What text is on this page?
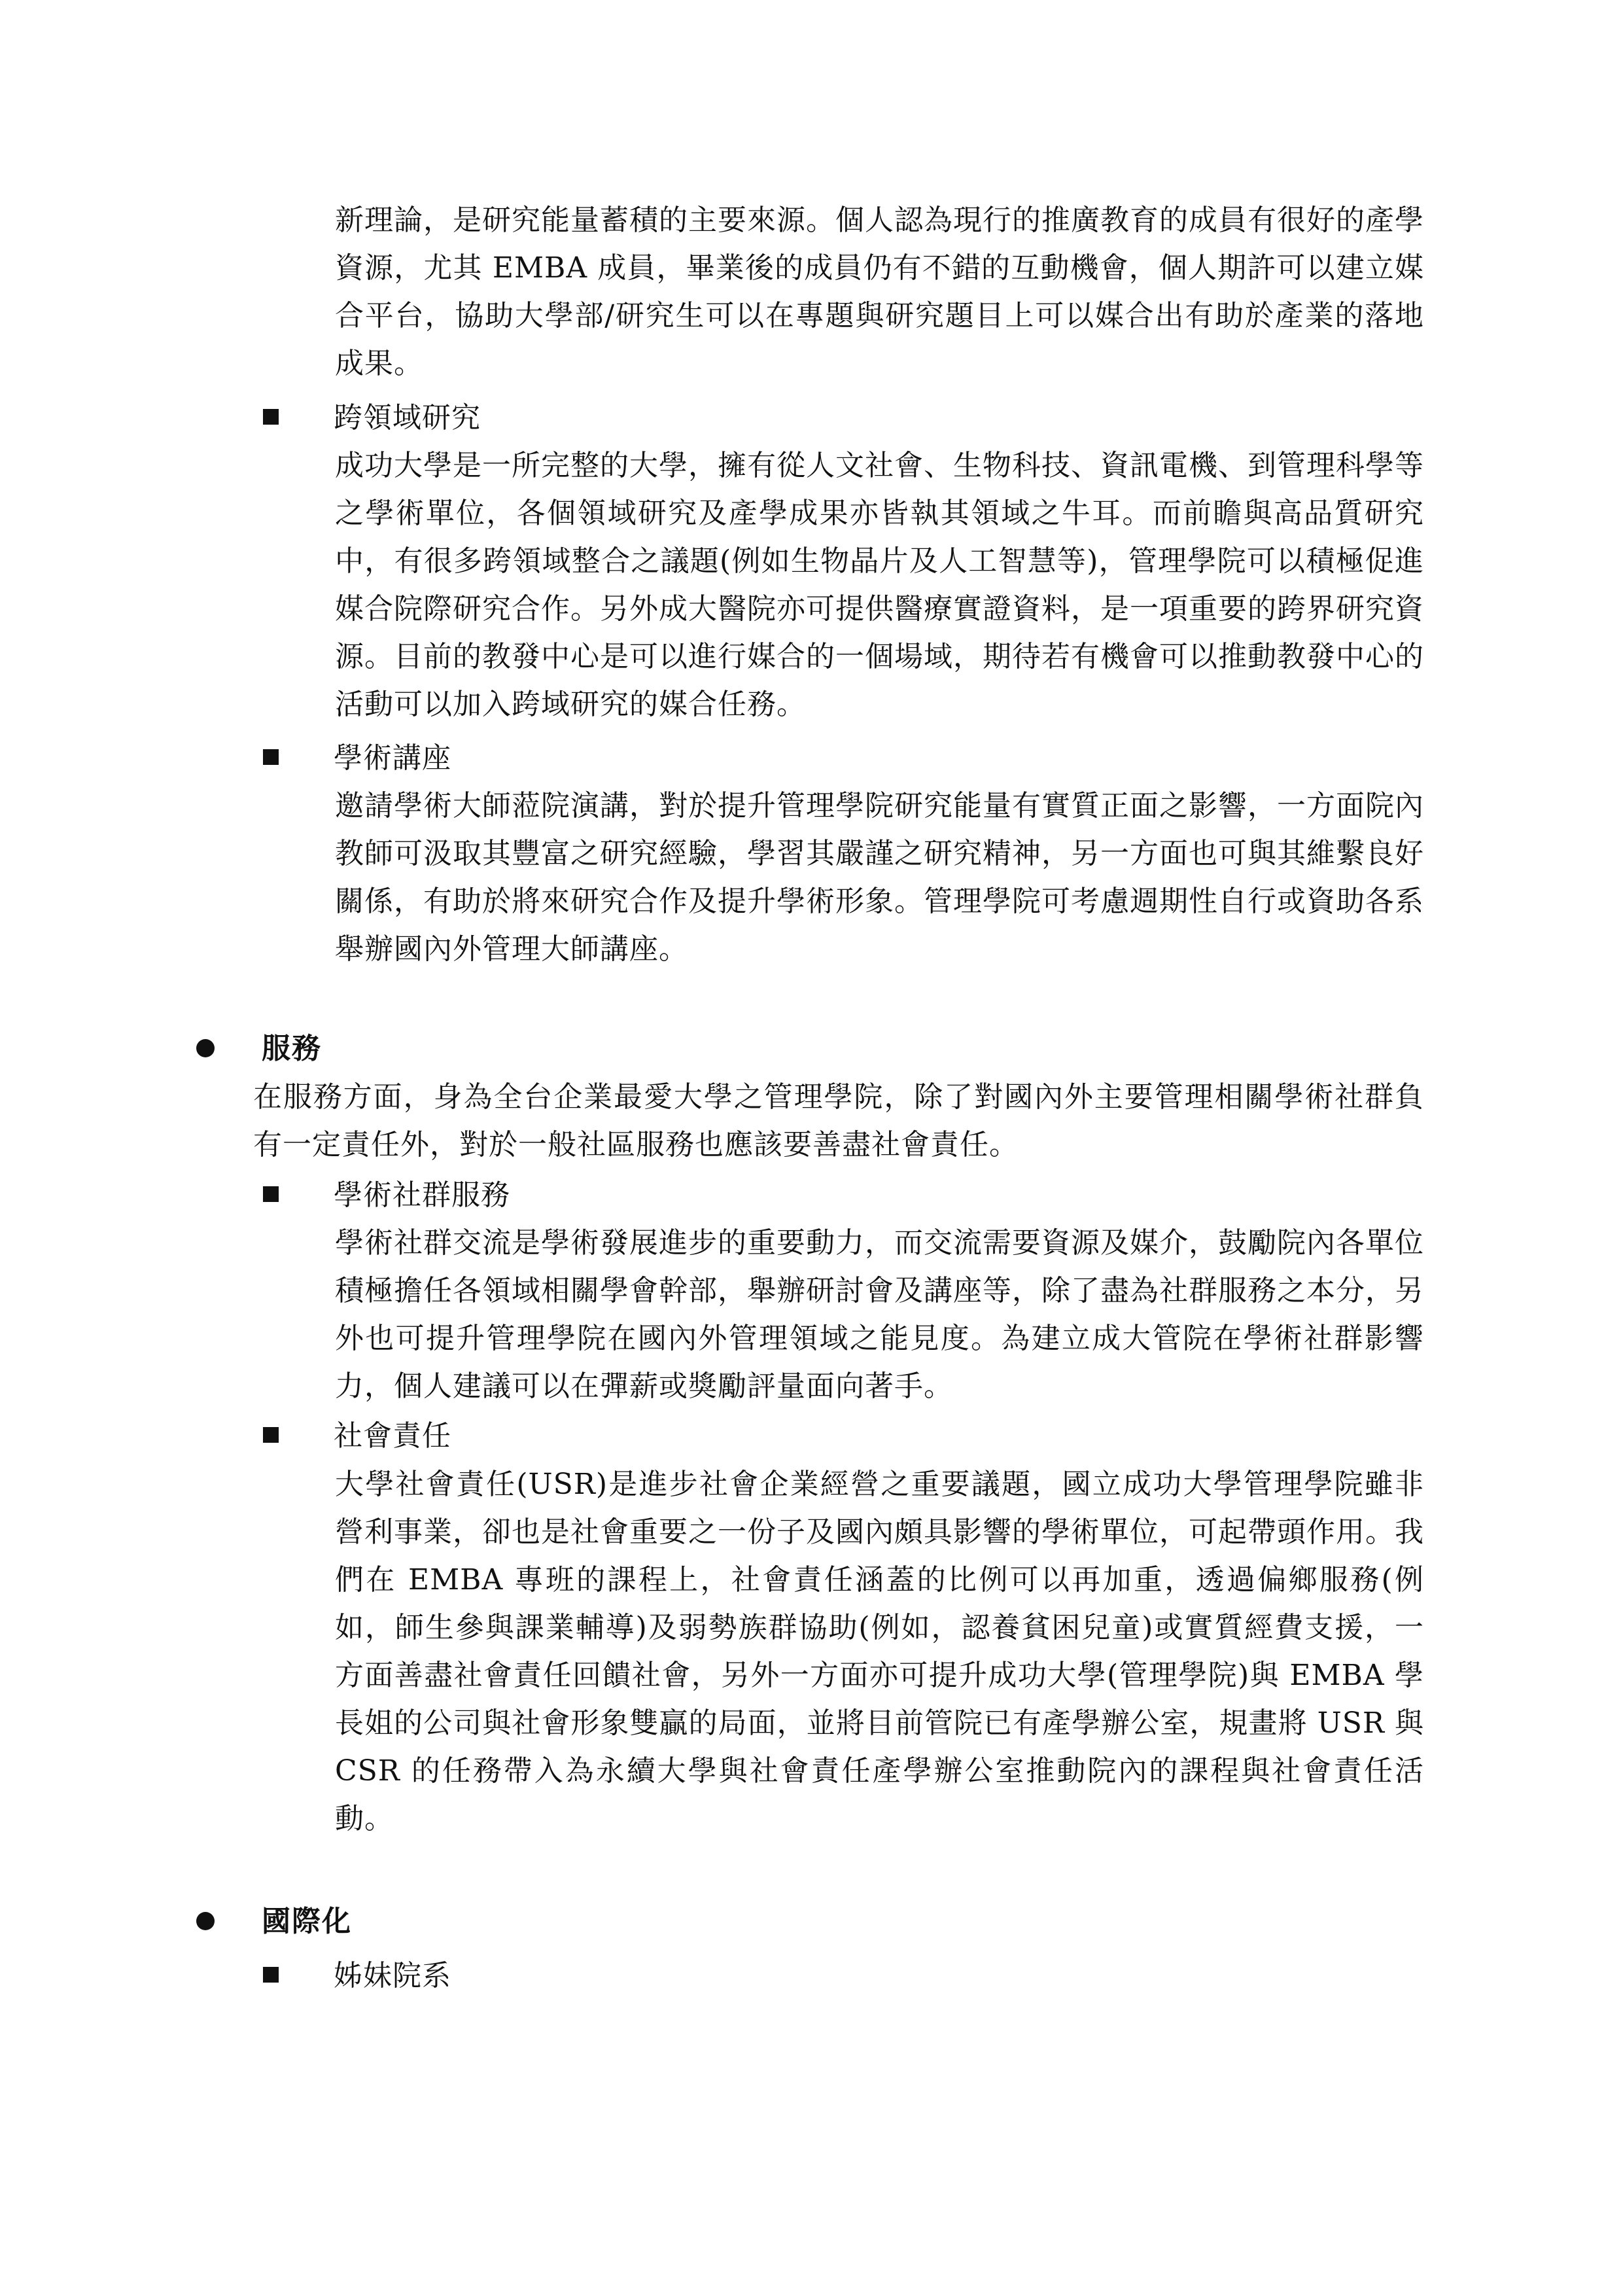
新理論，是研究能量蓄積的主要來源。個人認為現行的推廣教育的成員有很好的產學資源，尤其 EMBA 成員，畢業後的成員仍有不錯的互動機會，個人期許可以建立媒合平台，協助大學部/研究生可以在專題與研究題目上可以媒合出有助於產業的落地成果。

跨領域研究

成功大學是一所完整的大學，擁有從人文社會、生物科技、資訊電機、到管理科學等之學術單位，各個領域研究及產學成果亦皆執其領域之牛耳。而前瞻與高品質研究中，有很多跨領域整合之議題(例如生物晶片及人工智慧等)，管理學院可以積極促進媒合院際研究合作。另外成大醫院亦可提供醫療實證資料，是一項重要的跨界研究資源。目前的教發中心是可以進行媒合的一個場域，期待若有機會可以推動教發中心的活動可以加入跨域研究的媒合任務。

學術講座

邀請學術大師蒞院演講，對於提升管理學院研究能量有實質正面之影響，一方面院內教師可汲取其豐富之研究經驗，學習其嚴謹之研究精神，另一方面也可與其維繫良好關係，有助於將來研究合作及提升學術形象。管理學院可考慮週期性自行或資助各系舉辦國內外管理大師講座。

服務

在服務方面，身為全台企業最愛大學之管理學院，除了對國內外主要管理相關學術社群負有一定責任外，對於一般社區服務也應該要善盡社會責任。

學術社群服務

學術社群交流是學術發展進步的重要動力，而交流需要資源及媒介，鼓勵院內各單位積極擔任各領域相關學會幹部，舉辦研討會及講座等，除了盡為社群服務之本分，另外也可提升管理學院在國內外管理領域之能見度。為建立成大管院在學術社群影響力，個人建議可以在彈薪或獎勵評量面向著手。

社會責任

大學社會責任(USR)是進步社會企業經營之重要議題，國立成功大學管理學院雖非營利事業，卻也是社會重要之一份子及國內頗具影響的學術單位，可起帶頭作用。我們在 EMBA 專班的課程上，社會責任涵蓋的比例可以再加重，透過偏鄉服務(例如，師生參與課業輔導)及弱勢族群協助(例如，認養貧困兒童)或實質經費支援，一方面善盡社會責任回饋社會，另外一方面亦可提升成功大學(管理學院)與 EMBA 學長姐的公司與社會形象雙贏的局面，並將目前管院已有產學辦公室，規畫將 USR 與 CSR 的任務帶入為永續大學與社會責任產學辦公室推動院內的課程與社會責任活動。

國際化
姊妹院系
